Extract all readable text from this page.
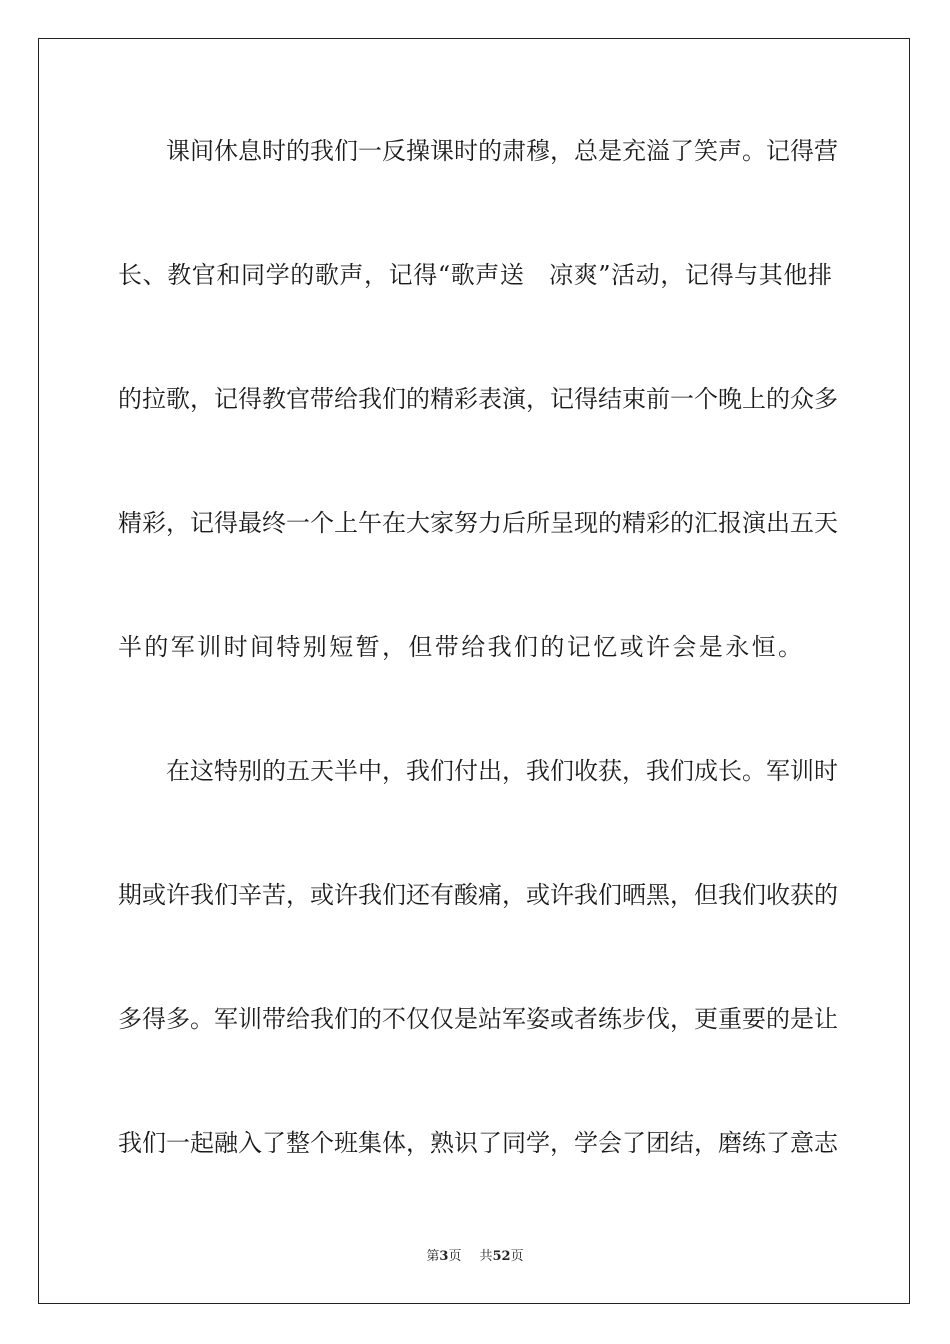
课间休息时的我们一反操课时的肃穆，总是充溢了笑声。记得营
长、教官和同学的歌声，记得“歌声送　凉爽”活动，记得与其他排
的拉歌，记得教官带给我们的精彩表演，记得结束前一个晚上的众多
精彩，记得最终一个上午在大家努力后所呈现的精彩的汇报演出五天
半的军训时间特别短暂，但带给我们的记忆或许会是永恒。
在这特别的五天半中，我们付出，我们收获，我们成长。军训时
期或许我们辛苦，或许我们还有酸痛，或许我们晒黑，但我们收获的
多得多。军训带给我们的不仅仅是站军姿或者练步伐，更重要的是让
我们一起融入了整个班集体，熟识了同学，学会了团结，磨练了意志
第3页 共52页
